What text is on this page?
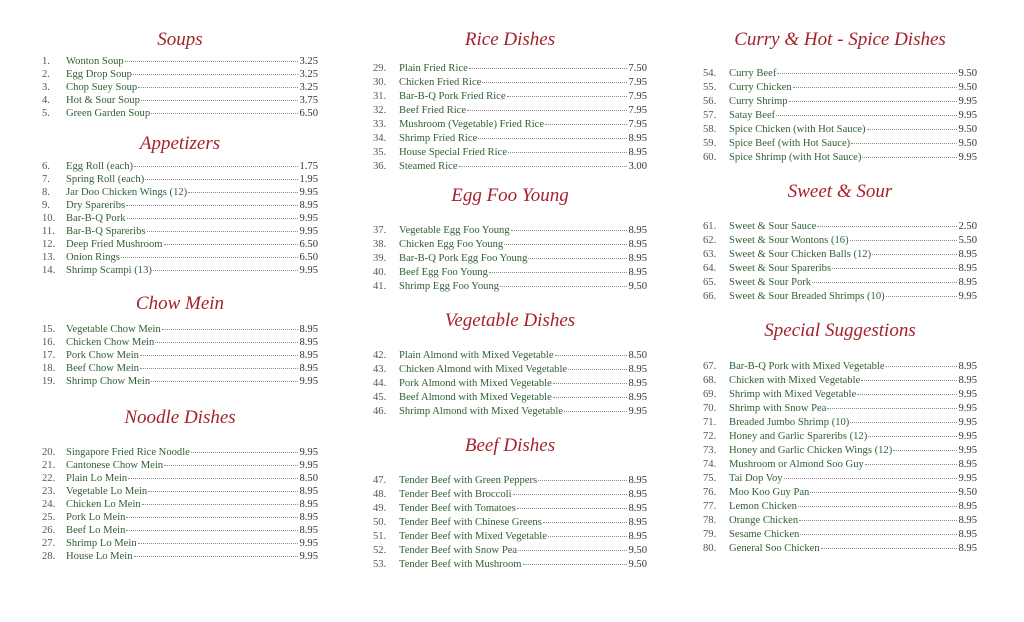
Soups
1.	Wonton Soup	3.25
2.	Egg Drop Soup	3.25
3.	Chop Suey Soup	3.25
4.	Hot & Sour Soup	3.75
5.	Green Garden Soup	6.50
Appetizers
6.	Egg Roll (each)	1.75
7.	Spring Roll (each)	1.95
8.	Jar Doo Chicken Wings (12)	9.95
9.	Dry Spareribs	8.95
10.	Bar-B-Q Pork	9.95
11.	Bar-B-Q Spareribs	9.95
12.	Deep Fried Mushroom	6.50
13.	Onion Rings	6.50
14.	Shrimp Scampi (13)	9.95
Chow Mein
15.	Vegetable Chow Mein	8.95
16.	Chicken Chow Mein	8.95
17.	Pork Chow Mein	8.95
18.	Beef Chow Mein	8.95
19.	Shrimp Chow Mein	9.95
Noodle Dishes
20.	Singapore Fried Rice Noodle	9.95
21.	Cantonese Chow Mein	9.95
22.	Plain Lo Mein	8.50
23.	Vegetable Lo Mein	8.95
24.	Chicken Lo Mein	8.95
25.	Pork Lo Mein	8.95
26.	Beef Lo Mein	8.95
27.	Shrimp Lo Mein	9.95
28.	House Lo Mein	9.95
Rice Dishes
29.	Plain Fried Rice	7.50
30.	Chicken Fried Rice	7.95
31.	Bar-B-Q Pork Fried Rice	7.95
32.	Beef Fried Rice	7.95
33.	Mushroom (Vegetable) Fried Rice	7.95
34.	Shrimp Fried Rice	8.95
35.	House Special Fried Rice	8.95
36.	Steamed Rice	3.00
Egg Foo Young
37.	Vegetable Egg Foo Young	8.95
38.	Chicken Egg Foo Young	8.95
39.	Bar-B-Q Pork Egg Foo Young	8.95
40.	Beef Egg Foo Young	8.95
41.	Shrimp Egg Foo Young	9.50
Vegetable Dishes
42.	Plain Almond with Mixed Vegetable	8.50
43.	Chicken Almond with Mixed Vegetable	8.95
44.	Pork Almond with Mixed Vegetable	8.95
45.	Beef Almond with Mixed Vegetable	8.95
46.	Shrimp Almond with Mixed Vegetable	9.95
Beef Dishes
47.	Tender Beef with Green Peppers	8.95
48.	Tender Beef with Broccoli	8.95
49.	Tender Beef with Tomatoes	8.95
50.	Tender Beef with Chinese Greens	8.95
51.	Tender Beef with Mixed Vegetable	8.95
52.	Tender Beef with Snow Pea	9.50
53.	Tender Beef with Mushroom	9.50
Curry & Hot - Spice Dishes
54.	Curry Beef	9.50
55.	Curry Chicken	9.50
56.	Curry Shrimp	9.95
57.	Satay Beef	9.95
58.	Spice Chicken (with Hot Sauce)	9.50
59.	Spice Beef (with Hot Sauce)	9.50
60.	Spice Shrimp (with Hot Sauce)	9.95
Sweet & Sour
61.	Sweet & Sour Sauce	2.50
62.	Sweet & Sour Wontons (16)	5.50
63.	Sweet & Sour Chicken Balls (12)	8.95
64.	Sweet & Sour Spareribs	8.95
65.	Sweet & Sour Pork	8.95
66.	Sweet & Sour Breaded Shrimps (10)	9.95
Special Suggestions
67.	Bar-B-Q Pork with Mixed Vegetable	8.95
68.	Chicken with Mixed Vegetable	8.95
69.	Shrimp with Mixed Vegetable	9.95
70.	Shrimp with Snow Pea	9.95
71.	Breaded Jumbo Shrimp (10)	9.95
72.	Honey and Garlic Spareribs (12)	9.95
73.	Honey and Garlic Chicken Wings (12)	9.95
74.	Mushroom or Almond Soo Guy	8.95
75.	Tai Dop Voy	9.95
76.	Moo Koo Guy Pan	9.50
77.	Lemon Chicken	8.95
78.	Orange Chicken	8.95
79.	Sesame Chicken	8.95
80.	General Soo Chicken	8.95
